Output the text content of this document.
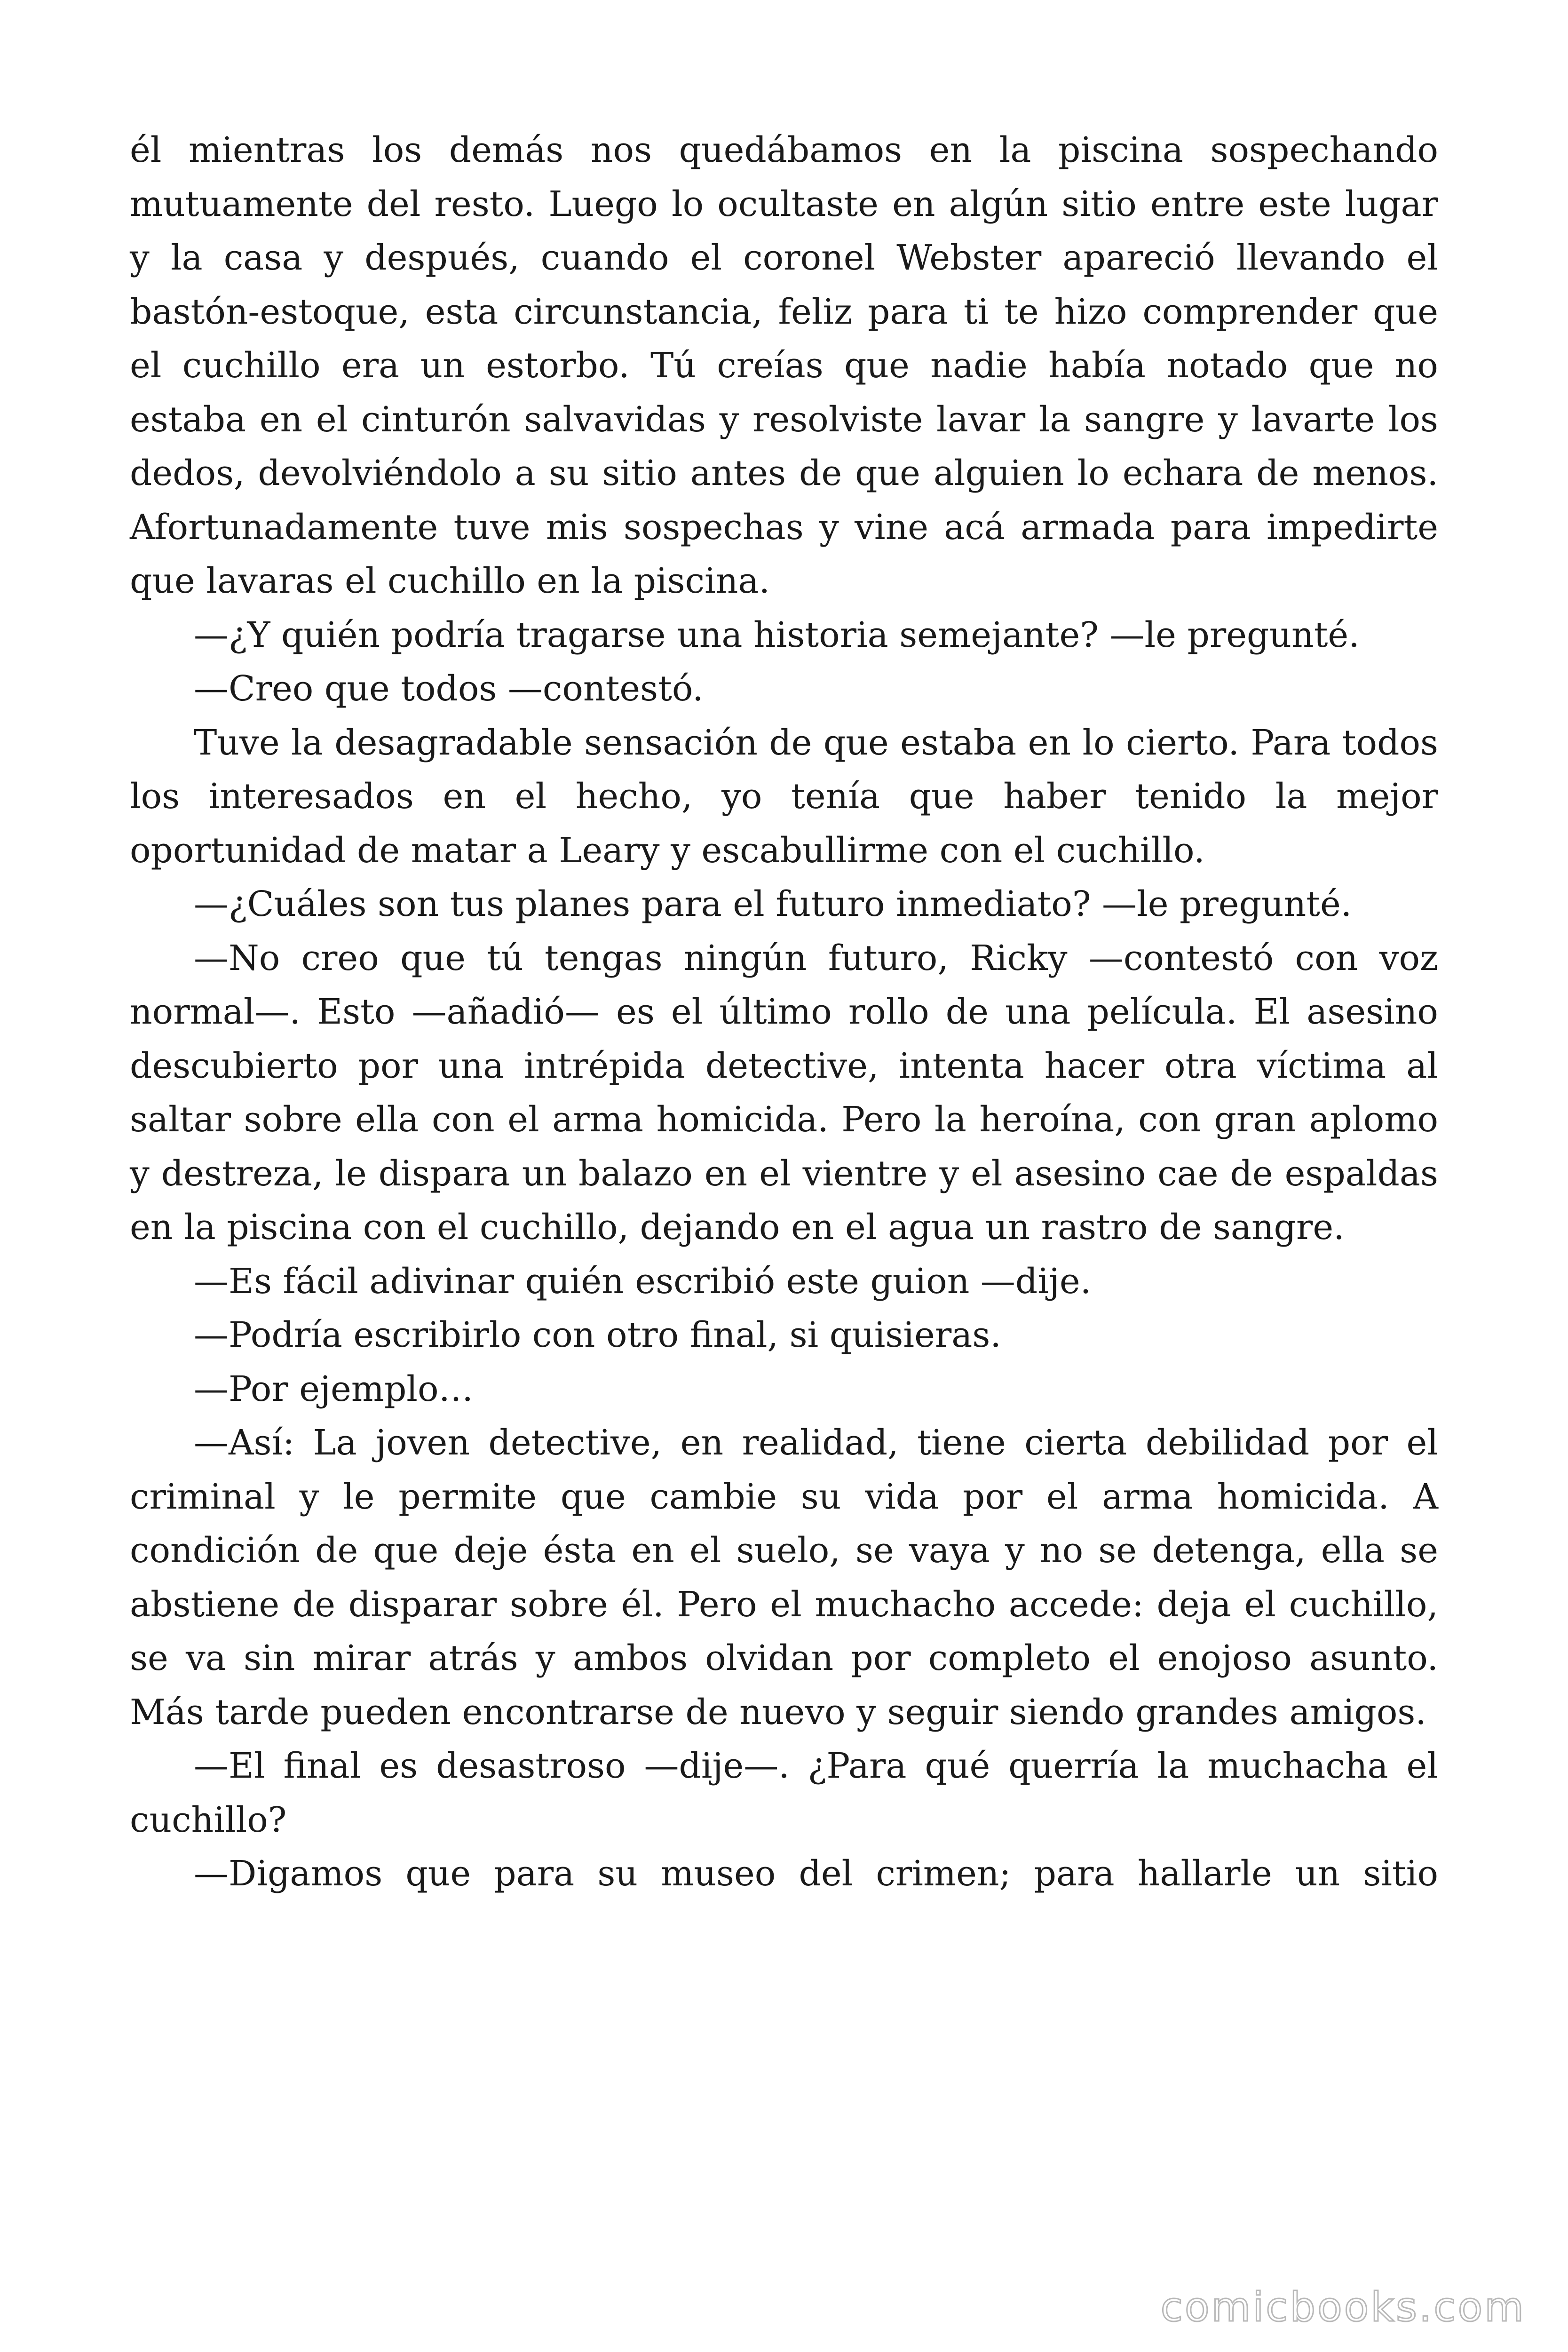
él mientras los demás nos quedábamos en la piscina sospechando mutuamente del resto. Luego lo ocultaste en algún sitio entre este lugar y la casa y después, cuando el coronel Webster apareció llevando el bastón-estoque, esta circunstancia, feliz para ti te hizo comprender que el cuchillo era un estorbo. Tú creías que nadie había notado que no estaba en el cinturón salvavidas y resolviste lavar la sangre y lavarte los dedos, devolviéndolo a su sitio antes de que alguien lo echara de menos. Afortunadamente tuve mis sospechas y vine acá armada para impedirte que lavaras el cuchillo en la piscina.

—¿Y quién podría tragarse una historia semejante? —le pregunté.

—Creo que todos —contestó.

Tuve la desagradable sensación de que estaba en lo cierto. Para todos los interesados en el hecho, yo tenía que haber tenido la mejor oportunidad de matar a Leary y escabullirme con el cuchillo.

—¿Cuáles son tus planes para el futuro inmediato? —le pregunté.

—No creo que tú tengas ningún futuro, Ricky —contestó con voz normal—. Esto —añadió— es el último rollo de una película. El asesino descubierto por una intrépida detective, intenta hacer otra víctima al saltar sobre ella con el arma homicida. Pero la heroína, con gran aplomo y destreza, le dispara un balazo en el vientre y el asesino cae de espaldas en la piscina con el cuchillo, dejando en el agua un rastro de sangre.

—Es fácil adivinar quién escribió este guion —dije.

—Podría escribirlo con otro final, si quisieras.

—Por ejemplo…

—Así: La joven detective, en realidad, tiene cierta debilidad por el criminal y le permite que cambie su vida por el arma homicida. A condición de que deje ésta en el suelo, se vaya y no se detenga, ella se abstiene de disparar sobre él. Pero el muchacho accede: deja el cuchillo, se va sin mirar atrás y ambos olvidan por completo el enojoso asunto. Más tarde pueden encontrarse de nuevo y seguir siendo grandes amigos.

—El final es desastroso —dije—. ¿Para qué querría la muchacha el cuchillo?

—Digamos que para su museo del crimen; para hallarle un sitio

comicbooks.com
